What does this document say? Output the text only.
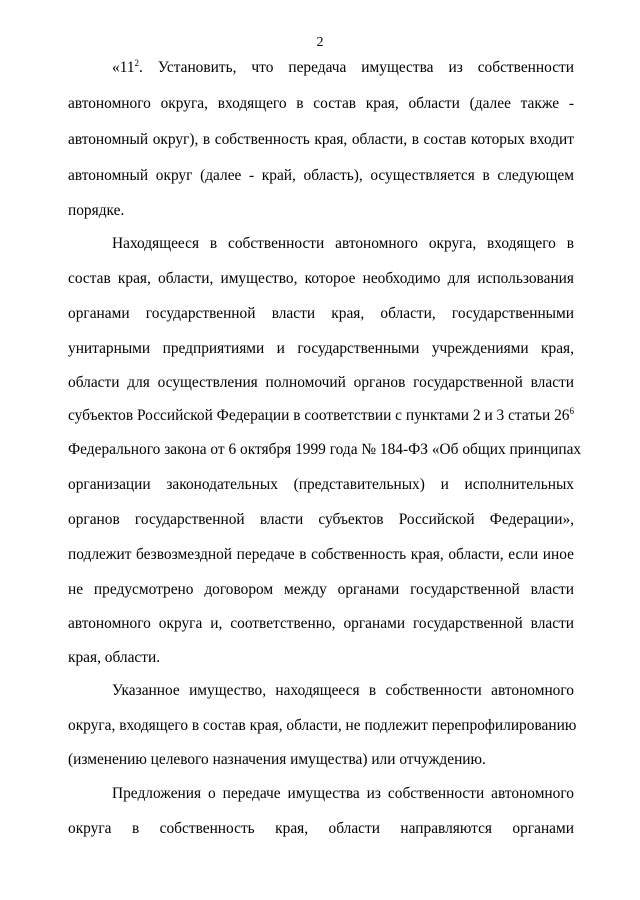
2
«$11^2$. Установить, что передача имущества из собственности
автономного округа, входящего в состав края, области (далее также -
автономный округ), в собственность края, области, в состав которых входит
автономный округ (далее - край, область), осуществляется в следующем
порядке.
Находящееся в собственности автономного округа, входящего в
состав края, области, имущество, которое необходимо для использования
органами государственной власти края, области, государственными
унитарными предприятиями и государственными учреждениями края,
области для осуществления полномочий органов государственной власти
субъектов Российской Федерации в соответствии с пунктами 2 и 3 статьи $26^6$
Федерального закона от 6 октября 1999 года № 184-ФЗ «Об общих принципах
организации законодательных (представительных) и исполнительных
органов государственной власти субъектов Российской Федерации»,
подлежит безвозмездной передаче в собственность края, области, если иное
не предусмотрено договором между органами государственной власти
автономного округа и, соответственно, органами государственной власти
края, области.
Указанное имущество, находящееся в собственности автономного
округа, входящего в состав края, области, не подлежит перепрофилированию
(изменению целевого назначения имущества) или отчуждению.
Предложения о передаче имущества из собственности автономного
округа в собственность края, области направляются органами
